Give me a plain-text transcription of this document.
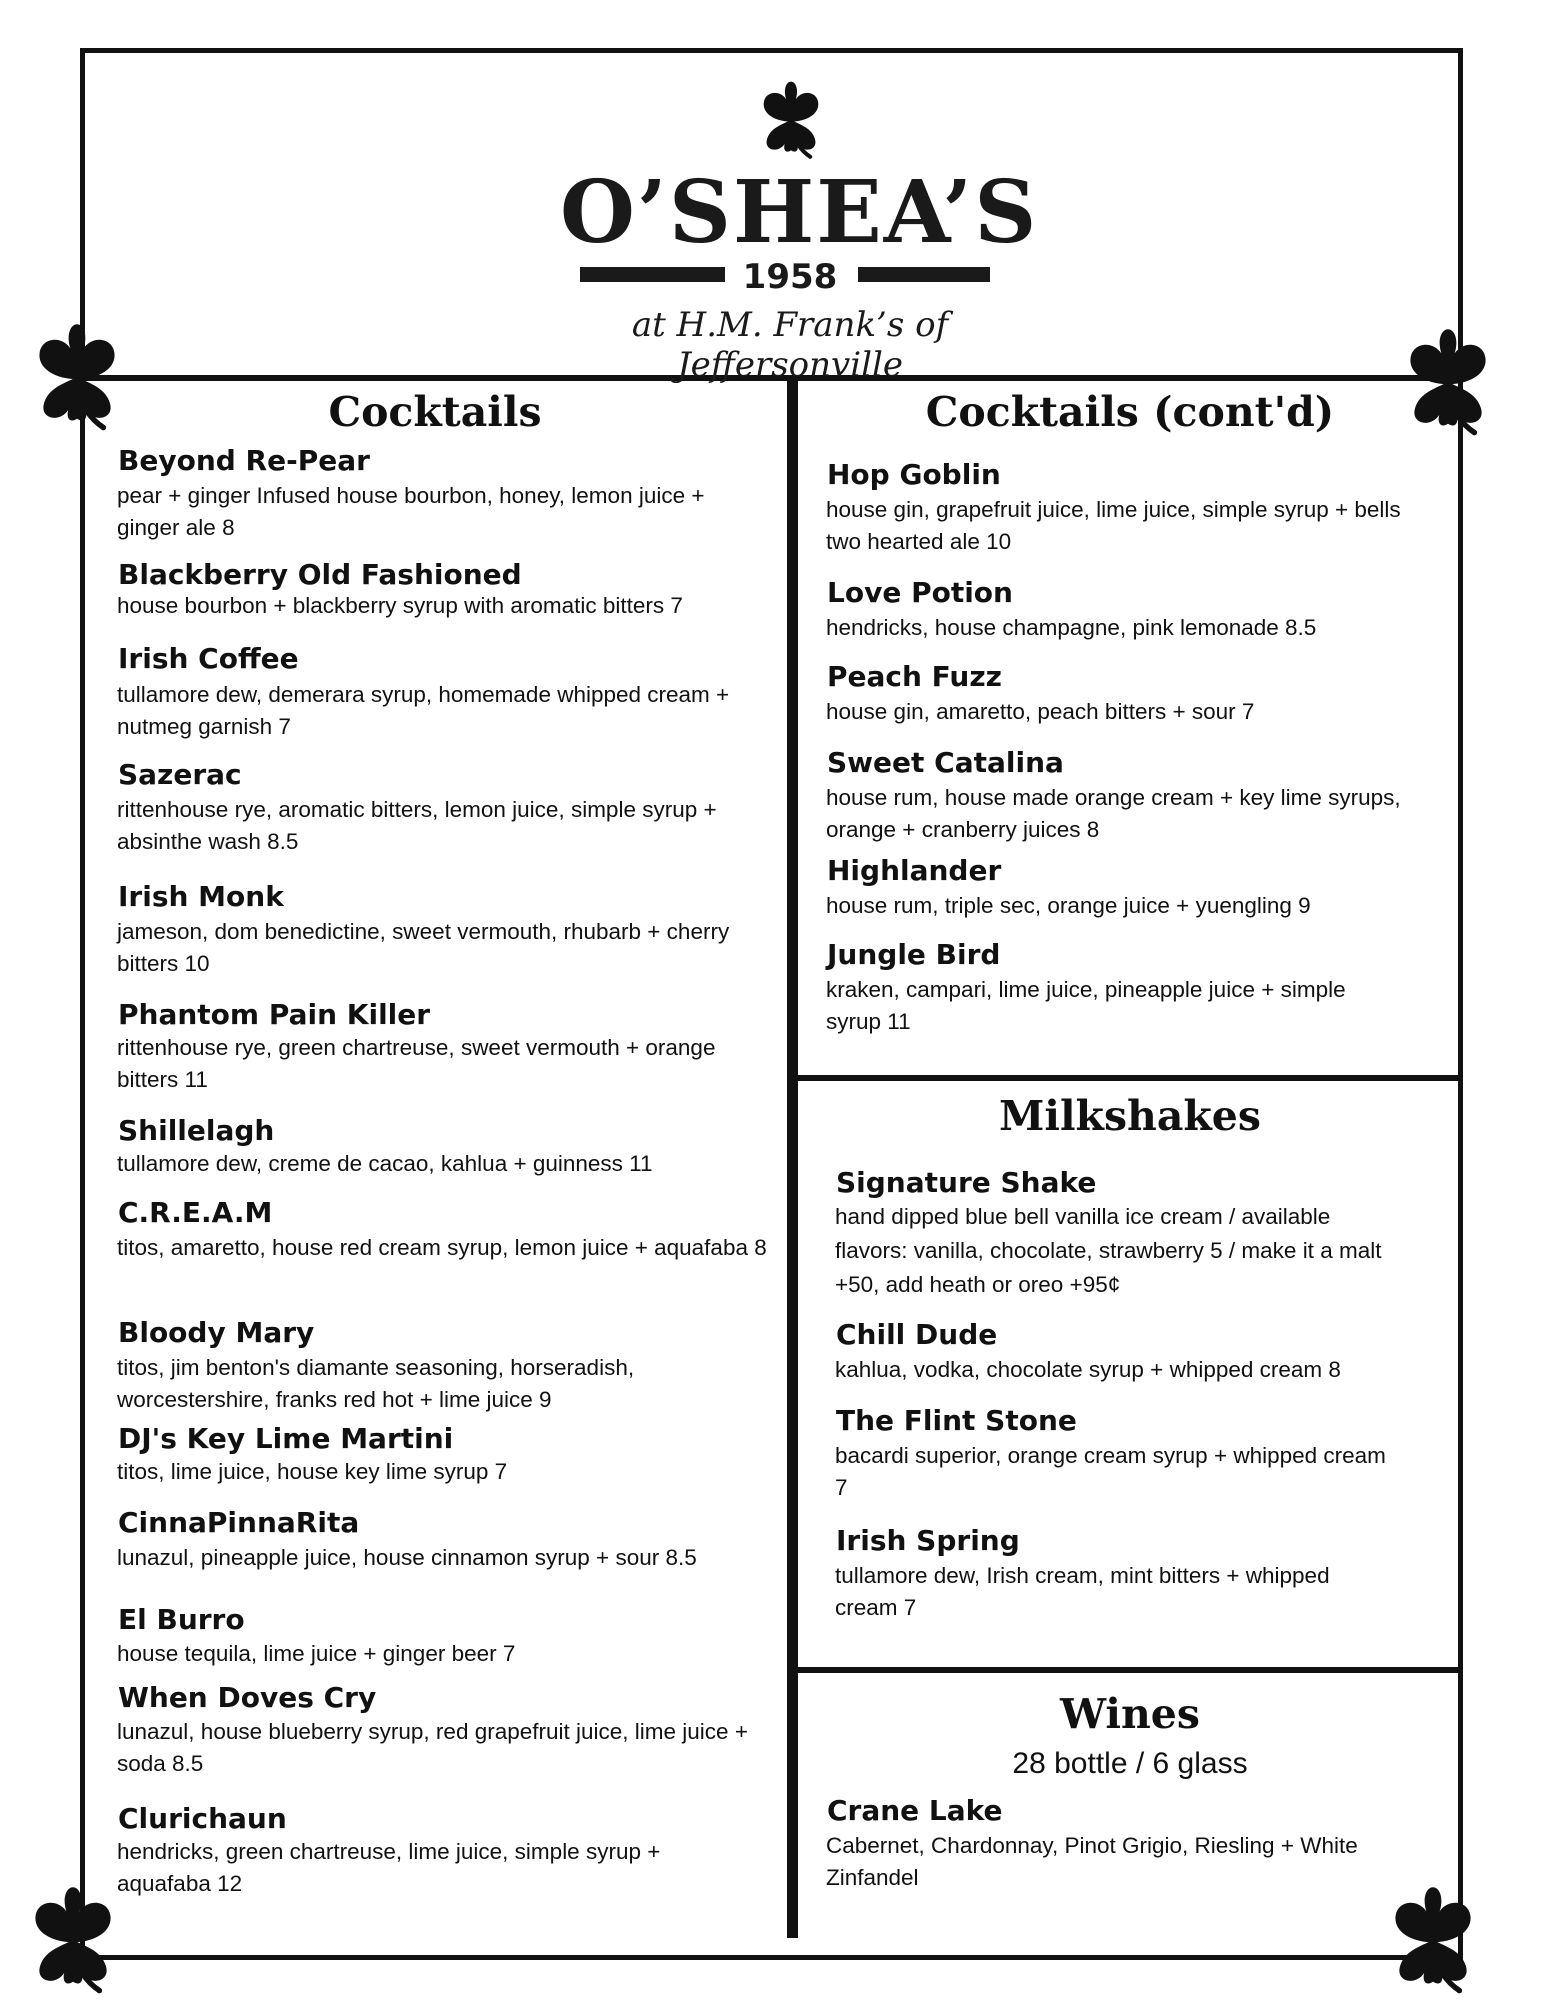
O’SHEA’S
1958
at H.M. Frank’s of Jeffersonville
Cocktails	Cocktails (cont'd)
Milkshakes
Wines
28 bottle / 6 glass
Beyond Re-Pear
pear + ginger Infused house bourbon, honey, lemon juice + ginger ale 8
Blackberry Old Fashioned
house bourbon + blackberry syrup with aromatic bitters 7
Irish Coffee
tullamore dew, demerara syrup, homemade whipped cream + nutmeg garnish 7
Sazerac
rittenhouse rye, aromatic bitters, lemon juice, simple syrup + absinthe wash 8.5
Irish Monk
jameson, dom benedictine, sweet vermouth, rhubarb + cherry bitters 10
Phantom Pain Killer
rittenhouse rye, green chartreuse, sweet vermouth + orange bitters 11
Shillelagh
tullamore dew, creme de cacao, kahlua + guinness 11
C.R.E.A.M
titos, amaretto, house red cream syrup, lemon juice + aquafaba 8
Bloody Mary
titos, jim benton's diamante seasoning, horseradish, worcestershire, franks red hot + lime juice 9
DJ's Key Lime Martini
titos, lime juice, house key lime syrup 7
CinnaPinnaRita
lunazul, pineapple juice, house cinnamon syrup + sour 8.5
El Burro
house tequila, lime juice + ginger beer 7
When Doves Cry
lunazul, house blueberry syrup, red grapefruit juice, lime juice + soda 8.5
Clurichaun
hendricks, green chartreuse, lime juice, simple syrup + aquafaba 12
Hop Goblin
house gin, grapefruit juice, lime juice, simple syrup + bells two hearted ale 10
Love Potion
hendricks, house champagne, pink lemonade 8.5
Peach Fuzz
house gin, amaretto, peach bitters + sour 7
Sweet Catalina
house rum, house made orange cream + key lime syrups, orange + cranberry juices 8
Highlander
house rum, triple sec, orange juice + yuengling 9
Jungle Bird
kraken, campari, lime juice, pineapple juice + simple syrup 11
Signature Shake
hand dipped blue bell vanilla ice cream / available flavors: vanilla, chocolate, strawberry 5 / make it a malt +50, add heath or oreo +95¢
Chill Dude
kahlua, vodka, chocolate syrup + whipped cream 8
The Flint Stone
bacardi superior, orange cream syrup + whipped cream 7
Irish Spring
tullamore dew, Irish cream, mint bitters + whipped cream 7
Crane Lake
Cabernet, Chardonnay, Pinot Grigio, Riesling + White Zinfandel
